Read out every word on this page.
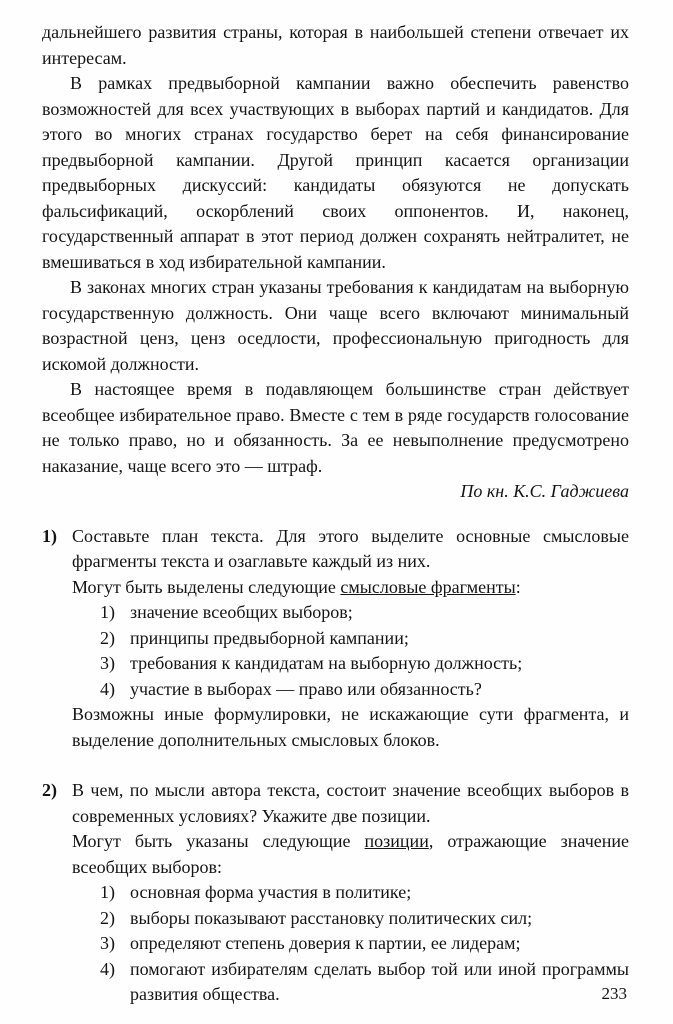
дальнейшего развития страны, которая в наибольшей степени отвечает их интересам.

В рамках предвыборной кампании важно обеспечить равенство возможностей для всех участвующих в выборах партий и кандидатов. Для этого во многих странах государство берет на себя финансирование предвыборной кампании. Другой принцип касается организации предвыборных дискуссий: кандидаты обязуются не допускать фальсификаций, оскорблений своих оппонентов. И, наконец, государственный аппарат в этот период должен сохранять нейтралитет, не вмешиваться в ход избирательной кампании.

В законах многих стран указаны требования к кандидатам на выборную государственную должность. Они чаще всего включают минимальный возрастной ценз, ценз оседлости, профессиональную пригодность для искомой должности.

В настоящее время в подавляющем большинстве стран действует всеобщее избирательное право. Вместе с тем в ряде государств голосование не только право, но и обязанность. За ее невыполнение предусмотрено наказание, чаще всего это — штраф.

По кн. К.С. Гаджиева

1) Составьте план текста. Для этого выделите основные смысловые фрагменты текста и озаглавьте каждый из них.

Могут быть выделены следующие смысловые фрагменты:

1) значение всеобщих выборов;
2) принципы предвыборной кампании;
3) требования к кандидатам на выборную должность;
4) участие в выборах — право или обязанность?

Возможны иные формулировки, не искажающие сути фрагмента, и выделение дополнительных смысловых блоков.

2) В чем, по мысли автора текста, состоит значение всеобщих выборов в современных условиях? Укажите две позиции.

Могут быть указаны следующие позиции, отражающие значение всеобщих выборов:

1) основная форма участия в политике;
2) выборы показывают расстановку политических сил;
3) определяют степень доверия к партии, ее лидерам;
4) помогают избирателям сделать выбор той или иной программы развития общества.	233
